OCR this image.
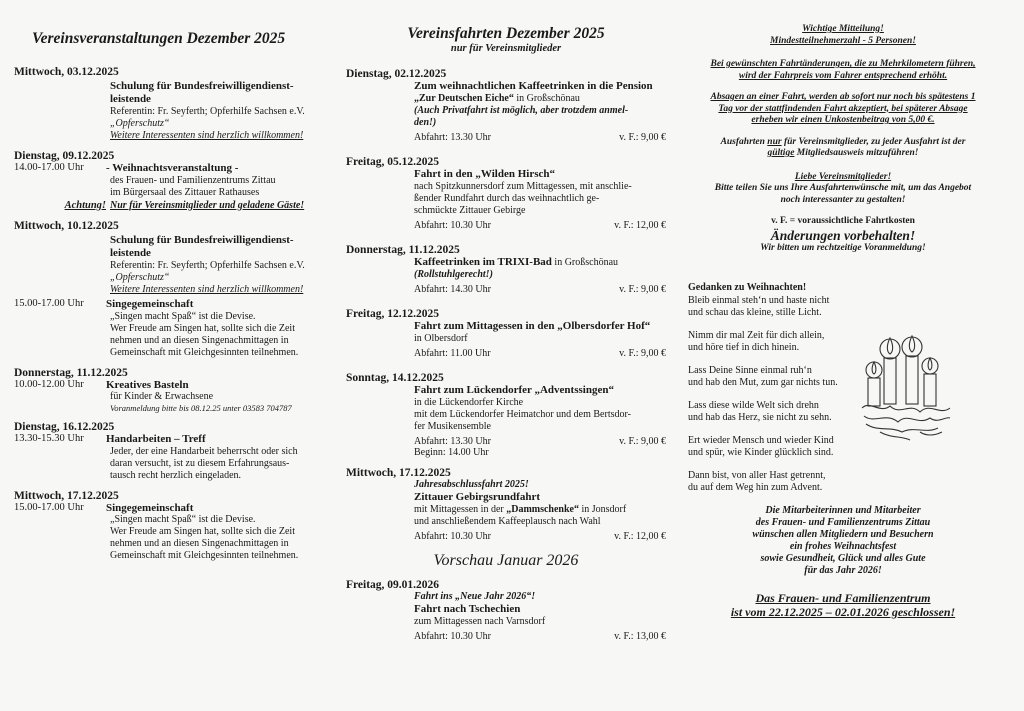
Vereinsveranstaltungen Dezember 2025
Mittwoch, 03.12.2025
Schulung für Bundesfreiwilligendienst-
leistende
Referentin: Fr. Seyferth; Opferhilfe Sachsen e.V.
„Opferschutz“
Weitere Interessenten sind herzlich willkommen!
Dienstag, 09.12.2025
14.00-17.00 Uhr	- Weihnachtsveranstaltung -
des Frauen- und Familienzentrums Zittau
im Bürgersaal des Zittauer Rathauses
Achtung! Nur für Vereinsmitglieder und geladene Gäste!
Mittwoch, 10.12.2025
Schulung für Bundesfreiwilligendienst-
leistende
Referentin: Fr. Seyferth; Opferhilfe Sachsen e.V.
„Opferschutz“
Weitere Interessenten sind herzlich willkommen!
15.00-17.00 Uhr	Singegemeinschaft
„Singen macht Spaß“ ist die Devise.
Wer Freude am Singen hat, sollte sich die Zeit
nehmen und an diesen Singenachmittagen in
Gemeinschaft mit Gleichgesinnten teilnehmen.
Donnerstag, 11.12.2025
10.00-12.00 Uhr	Kreatives Basteln
für Kinder & Erwachsene
Voranmeldung bitte bis 08.12.25 unter 03583 704787
Dienstag, 16.12.2025
13.30-15.30 Uhr	Handarbeiten – Treff
Jeder, der eine Handarbeit beherrscht oder sich
daran versucht, ist zu diesem Erfahrungsaus-
tausch recht herzlich eingeladen.
Mittwoch, 17.12.2025
15.00-17.00 Uhr	Singegemeinschaft
„Singen macht Spaß“ ist die Devise.
Wer Freude am Singen hat, sollte sich die Zeit
nehmen und an diesen Singenachmittagen in
Gemeinschaft mit Gleichgesinnten teilnehmen.
Vereinsfahrten Dezember 2025
nur für Vereinsmitglieder
Dienstag, 02.12.2025
Zum weihnachtlichen Kaffeetrinken in die Pension
„Zur Deutschen Eiche“ in Großschönau
(Auch Privatfahrt ist möglich, aber trotzdem anmel-
den!)
Abfahrt: 13.30 Uhr	v. F.: 9,00 €
Freitag, 05.12.2025
Fahrt in den „Wilden Hirsch“
nach Spitzkunnersdorf zum Mittagessen, mit anschlie-
ßender Rundfahrt durch das weihnachtlich ge-
schmückte Zittauer Gebirge
Abfahrt: 10.30 Uhr	v. F.: 12,00 €
Donnerstag, 11.12.2025
Kaffeetrinken im TRIXI-Bad in Großschönau
(Rollstuhlgerecht!)
Abfahrt: 14.30 Uhr	v. F.: 9,00 €
Freitag, 12.12.2025
Fahrt zum Mittagessen in den „Olbersdorfer Hof“
in Olbersdorf
Abfahrt: 11.00 Uhr	v. F.: 9,00 €
Sonntag, 14.12.2025
Fahrt zum Lückendorfer „Adventssingen“
in die Lückendorfer Kirche
mit dem Lückendorfer Heimatchor und dem Bertsdor-
fer Musikensemble
Abfahrt: 13.30 Uhr	v. F.: 9,00 €
Beginn: 14.00 Uhr
Mittwoch, 17.12.2025
Jahresabschlussfahrt 2025!
Zittauer Gebirgsrundfahrt
mit Mittagessen in der „Dammschenke“ in Jonsdorf
und anschließendem Kaffeeplausch nach Wahl
Abfahrt: 10.30 Uhr	v. F.: 12,00 €
Vorschau Januar 2026
Freitag, 09.01.2026
Fahrt ins „Neue Jahr 2026“!
Fahrt nach Tschechien
zum Mittagessen nach Varnsdorf
Abfahrt: 10.30 Uhr	v. F.: 13,00 €
Wichtige Mitteilung!
Mindestteilnehmerzahl - 5 Personen!
Bei gewünschten Fahrtänderungen, die zu Mehrkilometern führen,
wird der Fahrpreis vom Fahrer entsprechend erhöht.
Absagen an einer Fahrt, werden ab sofort nur noch bis spätestens 1
Tag vor der stattfindenden Fahrt akzeptiert, bei späterer Absage
erheben wir einen Unkostenbeitrag von 5,00 €.
Ausfahrten nur für Vereinsmitglieder, zu jeder Ausfahrt ist der
gültige Mitgliedsausweis mitzuführen!
Liebe Vereinsmitglieder!
Bitte teilen Sie uns Ihre Ausfahrtenwünsche mit, um das Angebot
noch interessanter zu gestalten!
v. F. = voraussichtliche Fahrtkosten
Änderungen vorbehalten!
Wir bitten um rechtzeitige Voranmeldung!
Gedanken zu Weihnachten!
Bleib einmal steh‘n und haste nicht
und schau das kleine, stille Licht.
Nimm dir mal Zeit für dich allein,
und höre tief in dich hinein.
Lass Deine Sinne einmal ruh‘n
und hab den Mut, zum gar nichts tun.
Lass diese wilde Welt sich drehn
und hab das Herz, sie nicht zu sehn.
Ert wieder Mensch und wieder Kind
und spür, wie Kinder glücklich sind.
Dann bist, von aller Hast getrennt,
du auf dem Weg hin zum Advent.
Die Mitarbeiterinnen und Mitarbeiter
des Frauen- und Familienzentrums Zittau
wünschen allen Mitgliedern und Besuchern
ein frohes Weihnachtsfest
sowie Gesundheit, Glück und alles Gute
für das Jahr 2026!
Das Frauen- und Familienzentrum
ist vom 22.12.2025 – 02.01.2026 geschlossen!
